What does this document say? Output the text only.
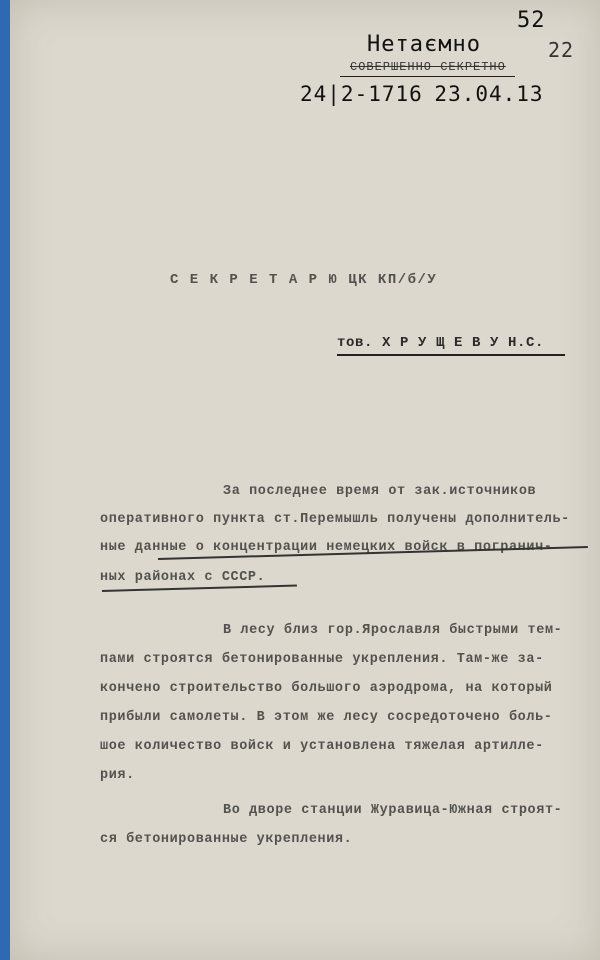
52
22
Нетаємно
СОВЕРШЕННО СЕКРЕТНО
24|2-1716 23.04.13
С Е К Р Е Т А Р Ю ЦК КП/б/У
тов. Х Р У Щ Е В У Н.С.
За последнее время от зак.источников
оперативного пункта ст.Перемышль получены дополнитель-
ные данные о концентрации немецких войск в погранич-
ных районах с СССР.
В лесу близ гор.Ярославля быстрыми тем-
пами строятся бетонированные укрепления. Там-же за-
кончено строительство большого аэродрома, на который
прибыли самолеты. В этом же лесу сосредоточено боль-
шое количество войск и установлена тяжелая артилле-
рия.
Во дворе станции Журавица-Южная строят-
ся бетонированные укрепления.
